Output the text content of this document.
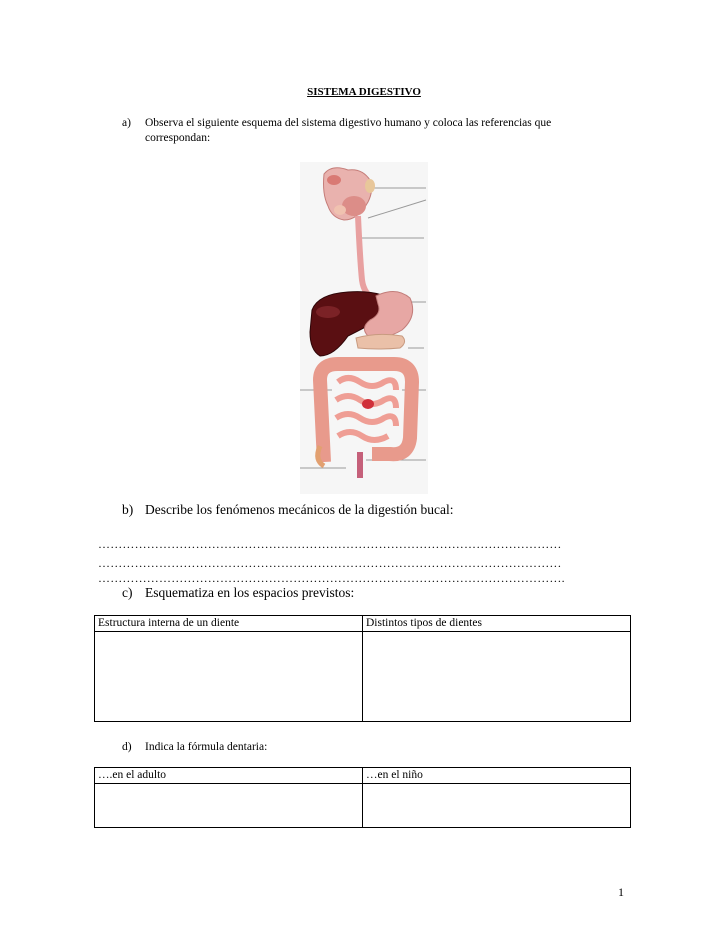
SISTEMA DIGESTIVO
a) Observa el siguiente esquema del sistema digestivo humano y coloca las referencias que
correspondan:
b) Describe los fenómenos mecánicos de la digestión bucal:
……………………………………………………………………………………………………
……………………………………………………………………………………………………
…………………………………………………………………………………………………….
c) Esquematiza en los espacios previstos:
Estructura interna de un diente	Distintos tipos de dientes

d) Indica la fórmula dentaria:
….en el adulto	…en el niño

1
